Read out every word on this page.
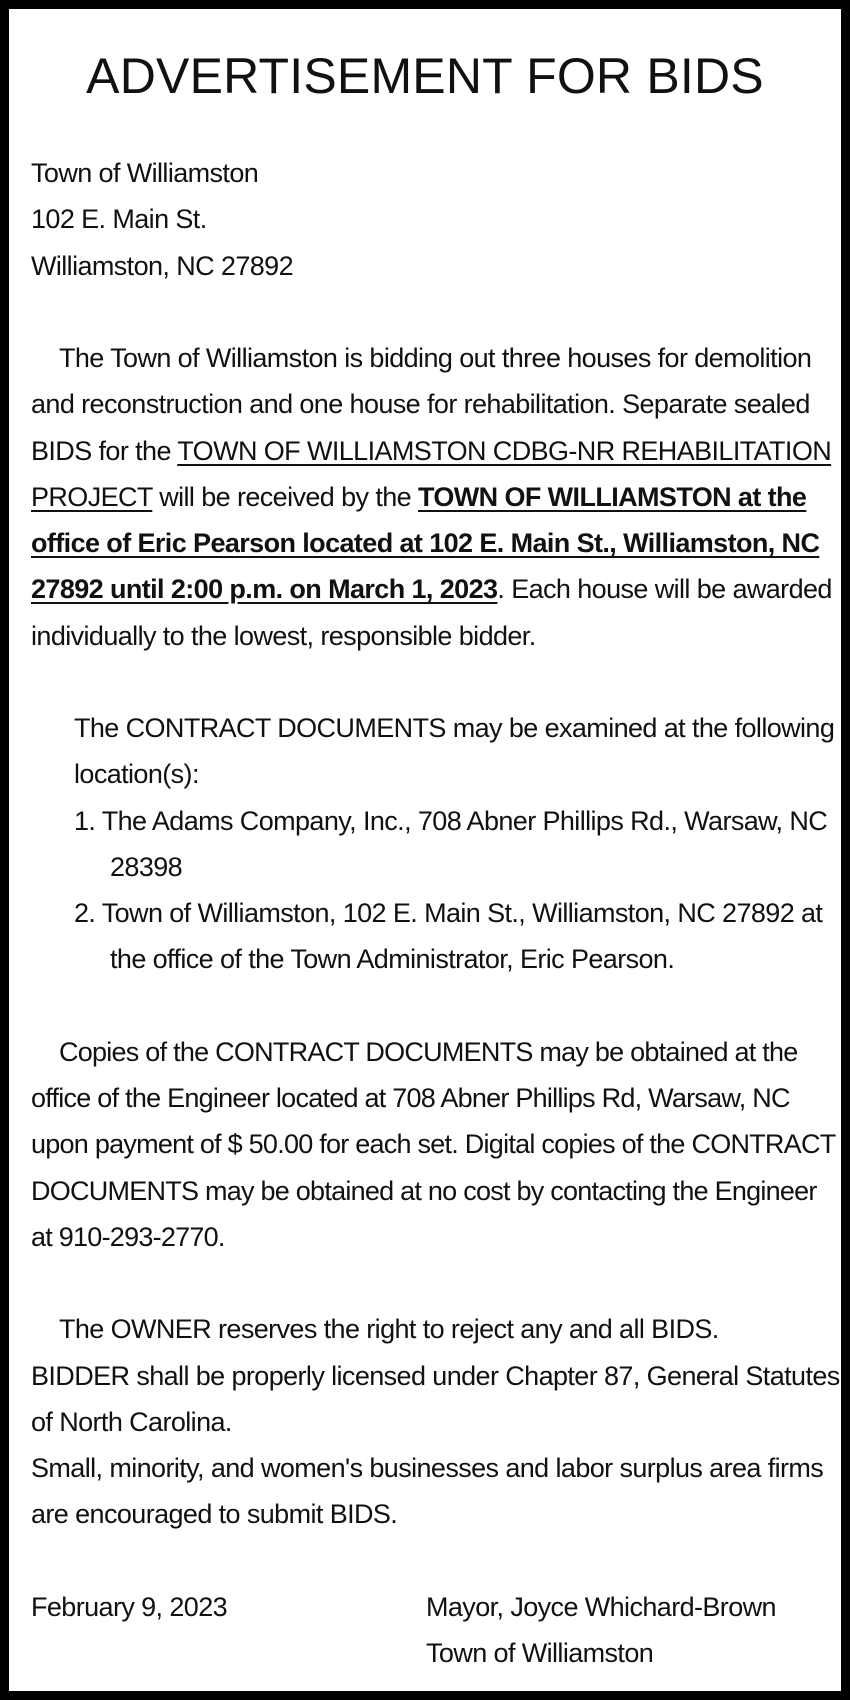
ADVERTISEMENT FOR BIDS

Town of Williamston

102 E. Main St.

Williamston, NC 27892

The Town of Williamston is bidding out three houses for demolition and reconstruction and one house for rehabilitation. Separate sealed BIDS for the TOWN OF WILLIAMSTON CDBG-NR REHABILITATION PROJECT will be received by the TOWN OF WILLIAMSTON at the office of Eric Pearson located at 102 E. Main St., Williamston, NC 27892 until 2:00 p.m. on March 1, 2023. Each house will be awarded individually to the lowest, responsible bidder.

The CONTRACT DOCUMENTS may be examined at the following location(s):

1. The Adams Company, Inc., 708 Abner Phillips Rd., Warsaw, NC 28398

2. Town of Williamston, 102 E. Main St., Williamston, NC 27892 at the office of the Town Administrator, Eric Pearson.

Copies of the CONTRACT DOCUMENTS may be obtained at the office of the Engineer located at 708 Abner Phillips Rd, Warsaw, NC upon payment of $ 50.00 for each set. Digital copies of the CONTRACT DOCUMENTS may be obtained at no cost by contacting the Engineer at 910-293-2770.

The OWNER reserves the right to reject any and all BIDS.

BIDDER shall be properly licensed under Chapter 87, General Statutes of North Carolina.

Small, minority, and women's businesses and labor surplus area firms are encouraged to submit BIDS.

February 9, 2023	Mayor, Joyce Whichard-Brown

Town of Williamston
